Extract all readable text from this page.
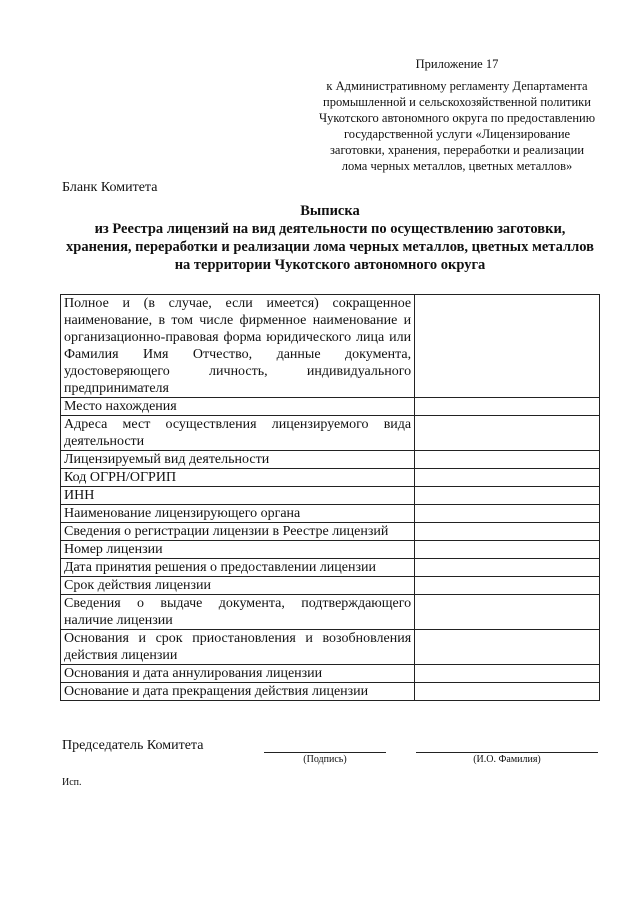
Приложение 17
к Административному регламенту Департамента промышленной и сельскохозяйственной политики Чукотского автономного округа по предоставлению государственной услуги «Лицензирование заготовки, хранения, переработки и реализации лома черных металлов, цветных металлов»
Бланк Комитета
Выписка
из Реестра лицензий на вид деятельности по осуществлению заготовки, хранения, переработки и реализации лома черных металлов, цветных металлов на территории Чукотского автономного округа
Полное и (в случае, если имеется) сокращенное наименование, в том числе фирменное наименование и организационно-правовая форма юридического лица или Фамилия Имя Отчество, данные документа, удостоверяющего личность, индивидуального предпринимателя	
Место нахождения	
Адреса мест осуществления лицензируемого вида деятельности	
Лицензируемый вид деятельности	
Код ОГРН/ОГРИП	
ИНН	
Наименование лицензирующего органа	
Сведения о регистрации лицензии в Реестре лицензий	
Номер лицензии	
Дата принятия решения о предоставлении лицензии	
Срок действия лицензии	
Сведения о выдаче документа, подтверждающего наличие лицензии	
Основания и срок приостановления и возобновления действия лицензии	
Основания и дата аннулирования лицензии	
Основание и дата прекращения действия лицензии	
Председатель Комитета
(Подпись)	(И.О. Фамилия)
Исп.
